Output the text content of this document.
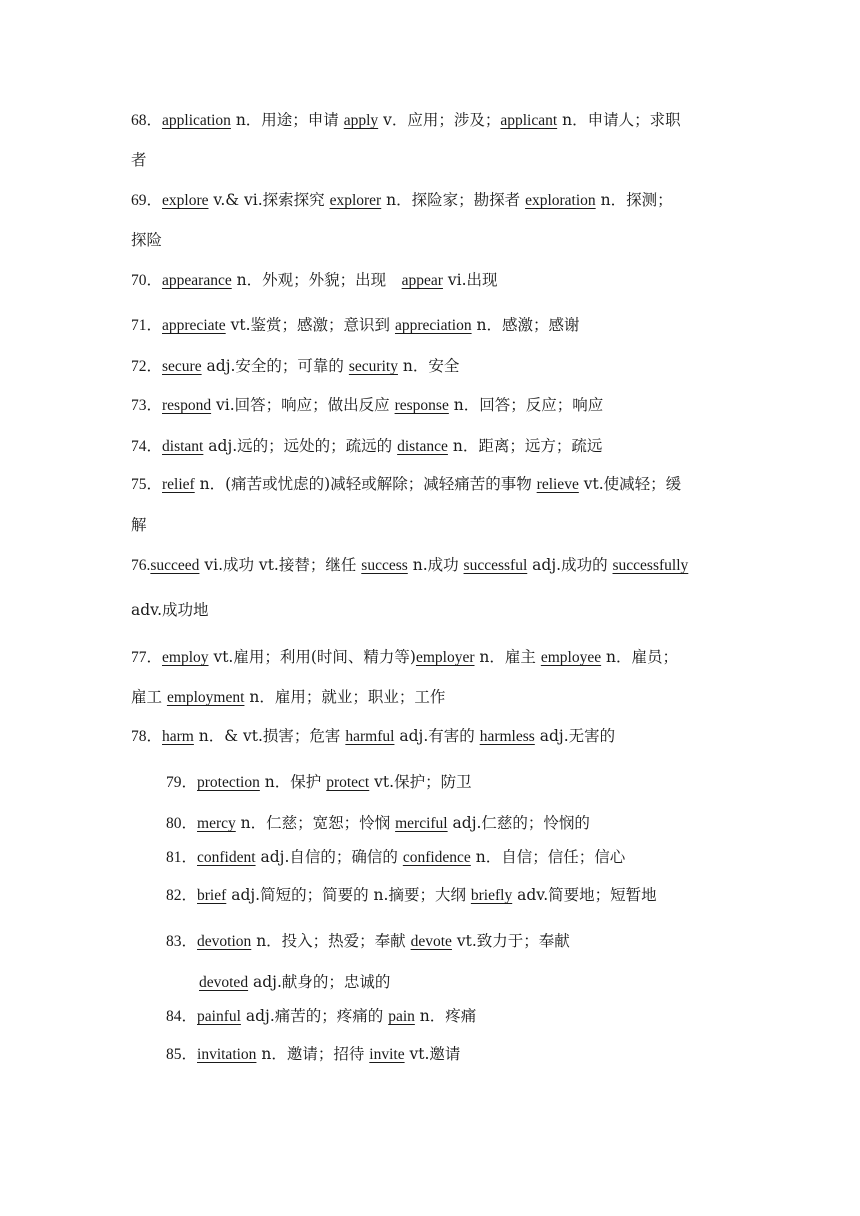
68．application n．用途；申请 apply v．应用；涉及；applicant n．申请人；求职
者
69．explore v.& vi.探索探究 explorer n．探险家；勘探者 exploration n．探测；
探险
70．appearance n．外观；外貌；出现　appear vi.出现
71．appreciate vt.鉴赏；感激；意识到 appreciation n．感激；感谢
72．secure adj.安全的；可靠的 security n．安全
73．respond vi.回答；响应；做出反应 response n．回答；反应；响应
74．distant adj.远的；远处的；疏远的 distance n．距离；远方；疏远
75．relief n．(痛苦或忧虑的)减轻或解除；减轻痛苦的事物 relieve vt.使减轻；缓
解
76.succeed vi.成功 vt.接替；继任 success n.成功 successful adj.成功的 successfully
adv.成功地
77．employ vt.雇用；利用(时间、精力等)employer n．雇主 employee n．雇员；
雇工 employment n．雇用；就业；职业；工作
78．harm n．& vt.损害；危害 harmful adj.有害的 harmless adj.无害的
79．protection n．保护 protect vt.保护；防卫
80．mercy n．仁慈；宽恕；怜悯 merciful adj.仁慈的；怜悯的
81．confident adj.自信的；确信的 confidence n．自信；信任；信心
82．brief adj.简短的；简要的 n.摘要；大纲 briefly adv.简要地；短暂地
83．devotion n．投入；热爱；奉献 devote vt.致力于；奉献
devoted adj.献身的；忠诚的
84．painful adj.痛苦的；疼痛的 pain n．疼痛
85．invitation n．邀请；招待 invite vt.邀请
